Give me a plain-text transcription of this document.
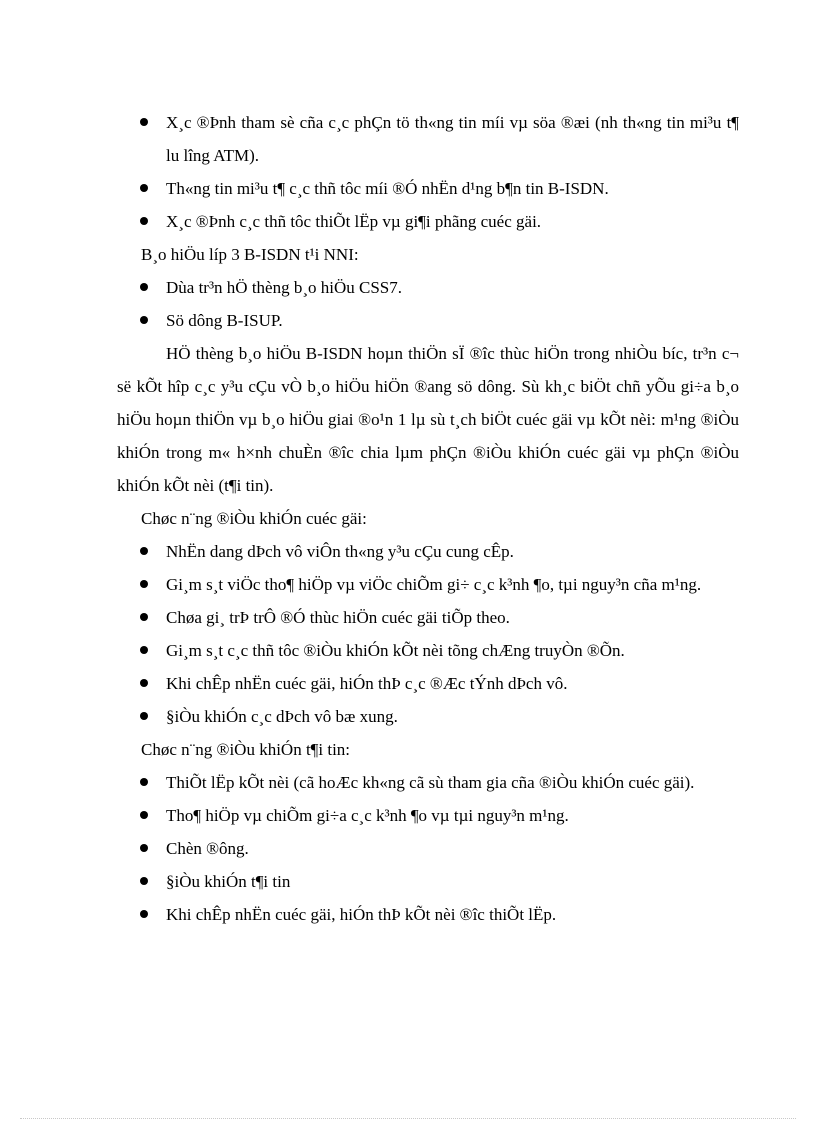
X¸c ®Þnh tham sè cña c¸c phÇn tö th«ng tin míi vµ söa ®æi (nh th«ng tin mi³u t¶ lu lîng ATM).
Th«ng tin mi³u t¶ c¸c thñ tôc míi ®Ó nhËn d¹ng b¶n tin B-ISDN.
X¸c ®Þnh c¸c thñ tôc thiÕt lËp vµ gi¶i phãng cuéc gäi.
B¸o hiÖu líp 3 B-ISDN t¹i NNI:
Dùa tr³n hÖ thèng b¸o hiÖu CSS7.
Sö dông B-ISUP.
HÖ thèng b¸o hiÖu B-ISDN hoµn thiÖn sÏ ®îc thùc hiÖn trong nhiÒu bíc, tr³n c¬ së kÕt hîp c¸c y³u cÇu vÒ b¸o hiÖu hiÖn ®ang sö dông. Sù kh¸c biÖt chñ yÕu gi÷a b¸o hiÖu hoµn thiÖn vµ b¸o hiÖu giai ®o¹n 1 lµ sù t¸ch biÖt cuéc gäi vµ kÕt nèi: m¹ng ®iÒu khiÓn trong m« h×nh chuÈn ®îc chia lµm phÇn ®iÒu khiÓn cuéc gäi vµ phÇn ®iÒu khiÓn kÕt nèi (t¶i tin).
Chøc n¨ng ®iÒu khiÓn cuéc gäi:
NhËn dang dÞch vô viÔn th«ng y³u cÇu cung cÊp.
Gi¸m s¸t viÖc tho¶ hiÖp vµ viÖc chiÕm gi÷ c¸c k³nh ¶o, tµi nguy³n cña m¹ng.
Chøa gi¸ trÞ trÔ ®Ó thùc hiÖn cuéc gäi tiÕp theo.
Gi¸m s¸t c¸c thñ tôc ®iÒu khiÓn kÕt nèi tõng chÆng truyÒn ®Õn.
Khi chÊp nhËn cuéc gäi, hiÓn thÞ c¸c ®Æc tÝnh dÞch vô.
§iÒu khiÓn c¸c dÞch vô bæ xung.
Chøc n¨ng ®iÒu khiÓn t¶i tin:
ThiÕt lËp kÕt nèi (cã hoÆc kh«ng cã sù tham gia cña ®iÒu khiÓn cuéc gäi).
Tho¶ hiÖp vµ chiÕm gi÷a c¸c k³nh ¶o vµ tµi nguy³n m¹ng.
Chèn ®ông.
§iÒu khiÓn t¶i tin
Khi chÊp nhËn cuéc gäi, hiÓn thÞ kÕt nèi ®îc thiÕt lËp.
